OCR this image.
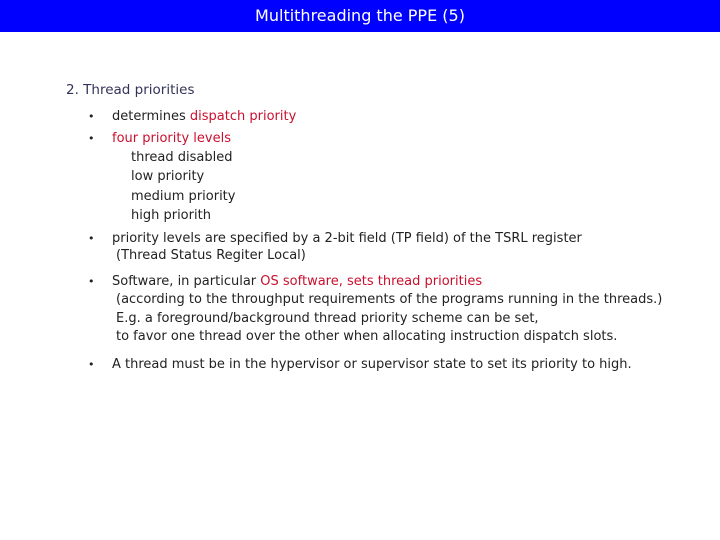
Multithreading the PPE (5)
2. Thread priorities
• determines dispatch priority
• four priority levels
thread disabled
low priority
medium priority
high priorith
• priority levels are specified by a 2-bit field (TP field) of the TSRL register
(Thread Status Regiter Local)
• Software, in particular OS software, sets thread priorities
(according to the throughput requirements of the programs running in the threads.)
E.g. a foreground/background thread priority scheme can be set,
to favor one thread over the other when allocating instruction dispatch slots.
• A thread must be in the hypervisor or supervisor state to set its priority to high.
